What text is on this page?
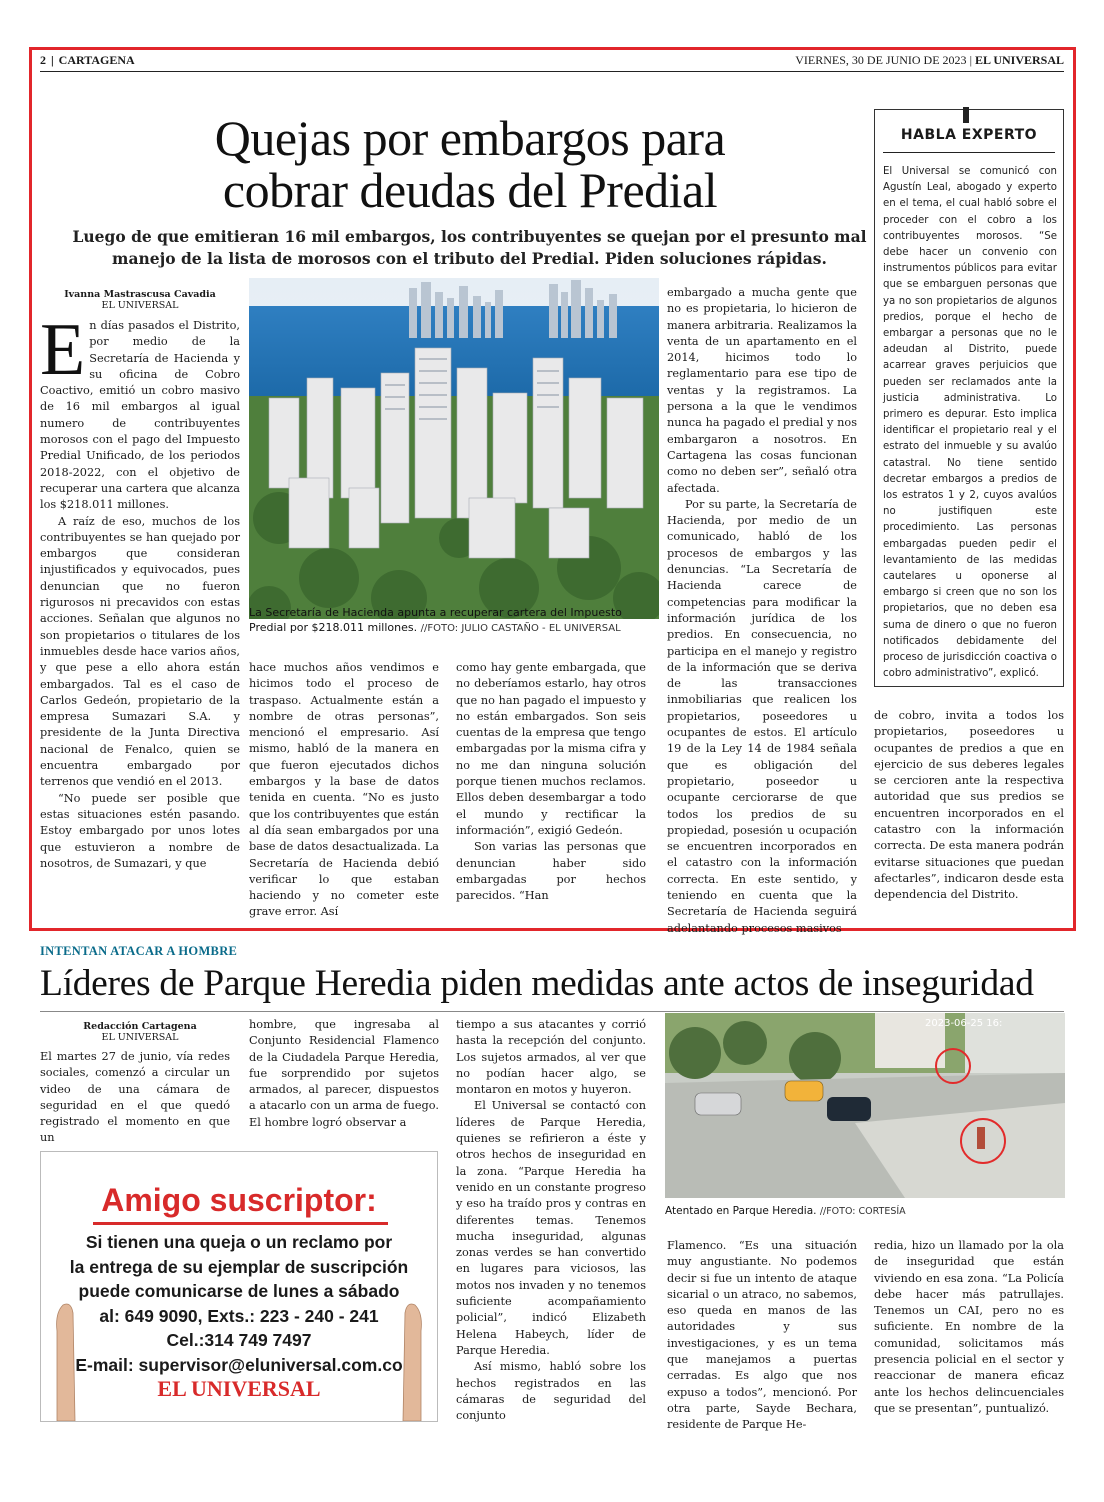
2 | CARTAGENA	VIERNES, 30 DE JUNIO DE 2023 | EL UNIVERSAL
Quejas por embargos para
cobrar deudas del Predial
Luego de que emitieran 16 mil embargos, los contribuyentes se quejan por el presunto mal manejo de la lista de morosos con el tributo del Predial. Piden soluciones rápidas.
Ivanna Mastrascusa Cavadia
EL UNIVERSAL

En días pasados el Distrito, por medio de la Secretaría de Hacienda y su oficina de Cobro Coactivo, emitió un cobro masivo de 16 mil embargos al igual numero de contribuyentes morosos con el pago del Impuesto Predial Unificado, de los periodos 2018-2022, con el objetivo de recuperar una cartera que alcanza los $218.011 millones.

A raíz de eso, muchos de los contribuyentes se han quejado por embargos que consideran injustificados y equivocados, pues denuncian que no fueron rigurosos ni precavidos con estas acciones. Señalan que algunos no son propietarios o titulares de los inmuebles desde hace varios años, y que pese a ello ahora están embargados. Tal es el caso de Carlos Gedeón, propietario de la empresa Sumazari S.A. y presidente de la Junta Directiva nacional de Fenalco, quien se encuentra embargado por terrenos que vendió en el 2013.

“No puede ser posible que estas situaciones estén pasando. Estoy embargado por unos lotes que estuvieron a nombre de nosotros, de Sumazari, y que

La Secretaría de Hacienda apunta a recuperar cartera del Impuesto Predial por $218.011 millones. //FOTO: JULIO CASTAÑO - EL UNIVERSAL

hace muchos años vendimos e hicimos todo el proceso de traspaso. Actualmente están a nombre de otras personas”, mencionó el empresario. Así mismo, habló de la manera en que fueron ejecutados dichos embargos y la base de datos tenida en cuenta. “No es justo que los contribuyentes que están al día sean embargados por una base de datos desactualizada. La Secretaría de Hacienda debió verificar lo que estaban haciendo y no cometer este grave error. Así

como hay gente embargada, que no deberíamos estarlo, hay otros que no han pagado el impuesto y no están embargados. Son seis cuentas de la empresa que tengo embargadas por la misma cifra y no me dan ninguna solución porque tienen muchos reclamos. Ellos deben desembargar a todo el mundo y rectificar la información”, exigió Gedeón.

Son varias las personas que denuncian haber sido embargadas por hechos parecidos. “Han

embargado a mucha gente que no es propietaria, lo hicieron de manera arbitraria. Realizamos la venta de un apartamento en el 2014, hicimos todo lo reglamentario para ese tipo de ventas y la registramos. La persona a la que le vendimos nunca ha pagado el predial y nos embargaron a nosotros. En Cartagena las cosas funcionan como no deben ser”, señaló otra afectada.

Por su parte, la Secretaría de Hacienda, por medio de un comunicado, habló de los procesos de embargos y las denuncias. “La Secretaría de Hacienda carece de competencias para modificar la información jurídica de los predios. En consecuencia, no participa en el manejo y registro de la información que se deriva de las transacciones inmobiliarias que realicen los propietarios, poseedores u ocupantes de estos. El artículo 19 de la Ley 14 de 1984 señala que es obligación del propietario, poseedor u ocupante cerciorarse de que todos los predios de su propiedad, posesión u ocupación se encuentren incorporados en el catastro con la información correcta. En este sentido, y teniendo en cuenta que la Secretaría de Hacienda seguirá adelantando procesos masivos

de cobro, invita a todos los propietarios, poseedores u ocupantes de predios a que en ejercicio de sus deberes legales se cercioren ante la respectiva autoridad que sus predios se encuentren incorporados en el catastro con la información correcta. De esta manera podrán evitarse situaciones que puedan afectarles”, indicaron desde esta dependencia del Distrito.

HABLA EXPERTO
El Universal se comunicó con Agustín Leal, abogado y experto en el tema, el cual habló sobre el proceder con el cobro a los contribuyentes morosos. “Se debe hacer un convenio con instrumentos públicos para evitar que se embarguen personas que ya no son propietarios de algunos predios, porque el hecho de embargar a personas que no le adeudan al Distrito, puede acarrear graves perjuicios que pueden ser reclamados ante la justicia administrativa. Lo primero es depurar. Esto implica identificar el propietario real y el estrato del inmueble y su avalúo catastral. No tiene sentido decretar embargos a predios de los estratos 1 y 2, cuyos avalúos no justifiquen este procedimiento. Las personas embargadas pueden pedir el levantamiento de las medidas cautelares u oponerse al embargo si creen que no son los propietarios, que no deben esa suma de dinero o que no fueron notificados debidamente del proceso de jurisdicción coactiva o cobro administrativo”, explicó.
INTENTAN ATACAR A HOMBRE
Líderes de Parque Heredia piden medidas ante actos de inseguridad
Redacción Cartagena
EL UNIVERSAL

El martes 27 de junio, vía redes sociales, comenzó a circular un video de una cámara de seguridad en el que quedó registrado el momento en que un

hombre, que ingresaba al Conjunto Residencial Flamenco de la Ciudadela Parque Heredia, fue sorprendido por sujetos armados, al parecer, dispuestos a atacarlo con un arma de fuego. El hombre logró observar a

tiempo a sus atacantes y corrió hasta la recepción del conjunto. Los sujetos armados, al ver que no podían hacer algo, se montaron en motos y huyeron.

El Universal se contactó con líderes de Parque Heredia, quienes se refirieron a éste y otros hechos de inseguridad en la zona. “Parque Heredia ha venido en un constante progreso y eso ha traído pros y contras en diferentes temas. Tenemos mucha inseguridad, algunas zonas verdes se han convertido en lugares para viciosos, las motos nos invaden y no tenemos suficiente acompañamiento policial”, indicó Elizabeth Helena Habeych, líder de Parque Heredia.

Así mismo, habló sobre los hechos registrados en las cámaras de seguridad del conjunto

2023-06-25 16:
Atentado en Parque Heredia. //FOTO: CORTESÍA

Flamenco. “Es una situación muy angustiante. No podemos decir si fue un intento de ataque sicarial o un atraco, no sabemos, eso queda en manos de las autoridades y sus investigaciones, y es un tema que manejamos a puertas cerradas. Es algo que nos expuso a todos”, mencionó. Por otra parte, Sayde Bechara, residente de Parque He-

redia, hizo un llamado por la ola de inseguridad que están viviendo en esa zona. “La Policía debe hacer más patrullajes. Tenemos un CAI, pero no es suficiente. En nombre de la comunidad, solicitamos más presencia policial en el sector y reaccionar de manera eficaz ante los hechos delincuenciales que se presentan”, puntualizó.

Amigo suscriptor:
Si tienen una queja o un reclamo por
la entrega de su ejemplar de suscripción
puede comunicarse de lunes a sábado
al: 649 9090, Exts.: 223 - 240 - 241
Cel.:314 749 7497
E-mail: supervisor@eluniversal.com.co
EL UNIVERSAL
